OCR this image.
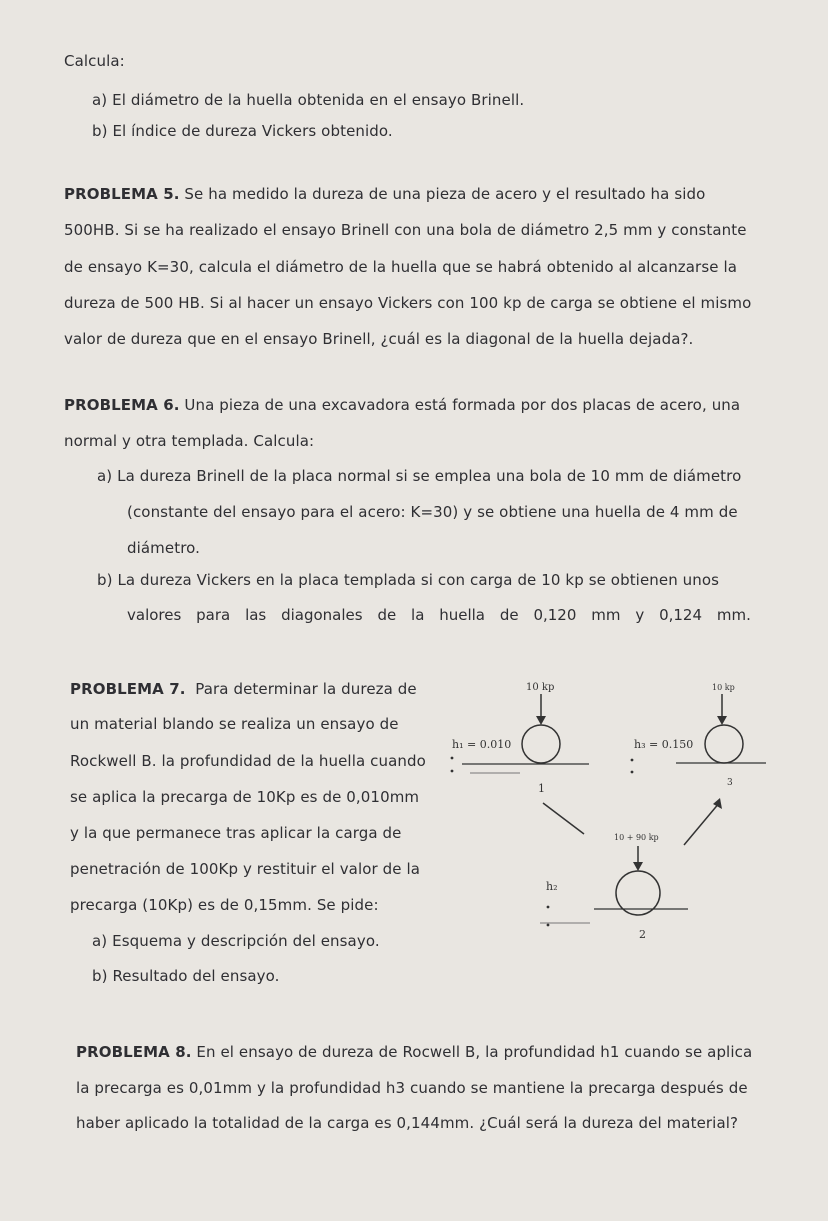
Calcula:
a) El diámetro de la huella obtenida en el ensayo Brinell.
b) El índice de dureza Vickers obtenido.
PROBLEMA 5. Se ha medido la dureza de una pieza de acero y el resultado ha sido
500HB. Si se ha realizado el ensayo Brinell con una bola de diámetro 2,5 mm y constante
de ensayo K=30, calcula el diámetro de la huella que se habrá obtenido al alcanzarse la
dureza de 500 HB. Si al hacer un ensayo Vickers con 100 kp de carga se obtiene el mismo
valor de dureza que en el ensayo Brinell, ¿cuál es la diagonal de la huella dejada?.
PROBLEMA 6. Una pieza de una excavadora está formada por dos placas de acero, una
normal y otra templada. Calcula:
a) La dureza Brinell de la placa normal si se emplea una bola de 10 mm de diámetro
(constante del ensayo para el acero: K=30) y se obtiene una huella de 4 mm de
diámetro.
b) La dureza Vickers en la placa templada si con carga de 10 kp se obtienen unos
valores para las diagonales de la huella de 0,120 mm y 0,124 mm.
PROBLEMA 7. Para determinar la dureza de
un material blando se realiza un ensayo de
Rockwell B. la profundidad de la huella cuando
se aplica la precarga de 10Kp es de 0,010mm
y la que permanece tras aplicar la carga de
penetración de 100Kp y restituir el valor de la
precarga (10Kp) es de 0,15mm. Se pide:
a) Esquema y descripción del ensayo.
b) Resultado del ensayo.
10 kp
h₁ = 0.010
1
10 kp
h₃ = 0.150
3
10 + 90 kp
h₂
2
PROBLEMA 8. En el ensayo de dureza de Rocwell B, la profundidad h1 cuando se aplica
la precarga es 0,01mm y la profundidad h3 cuando se mantiene la precarga después de
haber aplicado la totalidad de la carga es 0,144mm. ¿Cuál será la dureza del material?
